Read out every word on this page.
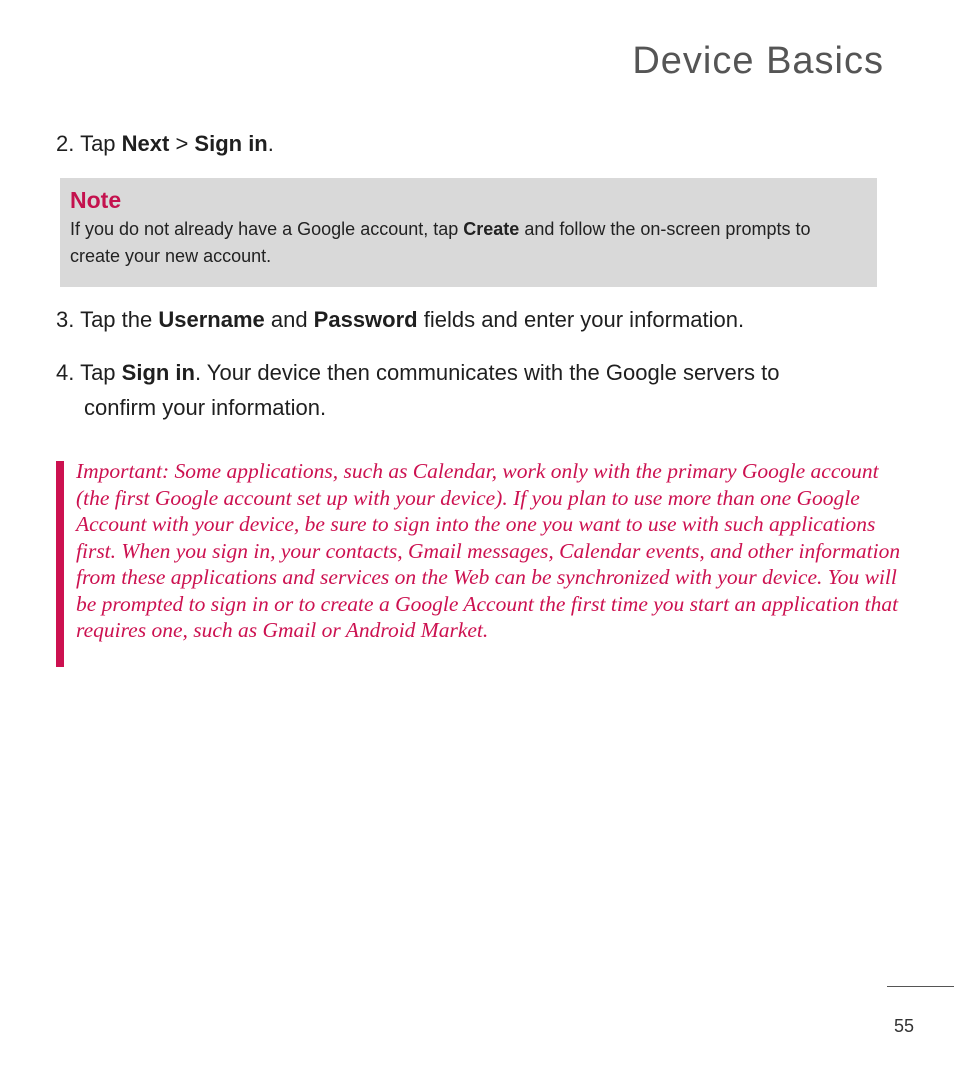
Device Basics
2. Tap Next > Sign in.
Note
If you do not already have a Google account, tap Create and follow the on-screen prompts to create your new account.
3. Tap the Username and Password fields and enter your information.
4. Tap Sign in. Your device then communicates with the Google servers to
confirm your information.
Important: Some applications, such as Calendar, work only with the primary Google account (the first Google account set up with your device). If you plan to use more than one Google Account with your device, be sure to sign into the one you want to use with such applications first. When you sign in, your contacts, Gmail messages, Calendar events, and other information from these applications and services on the Web can be synchronized with your device. You will be prompted to sign in or to create a Google Account the first time you start an application that requires one, such as Gmail or Android Market.
55
